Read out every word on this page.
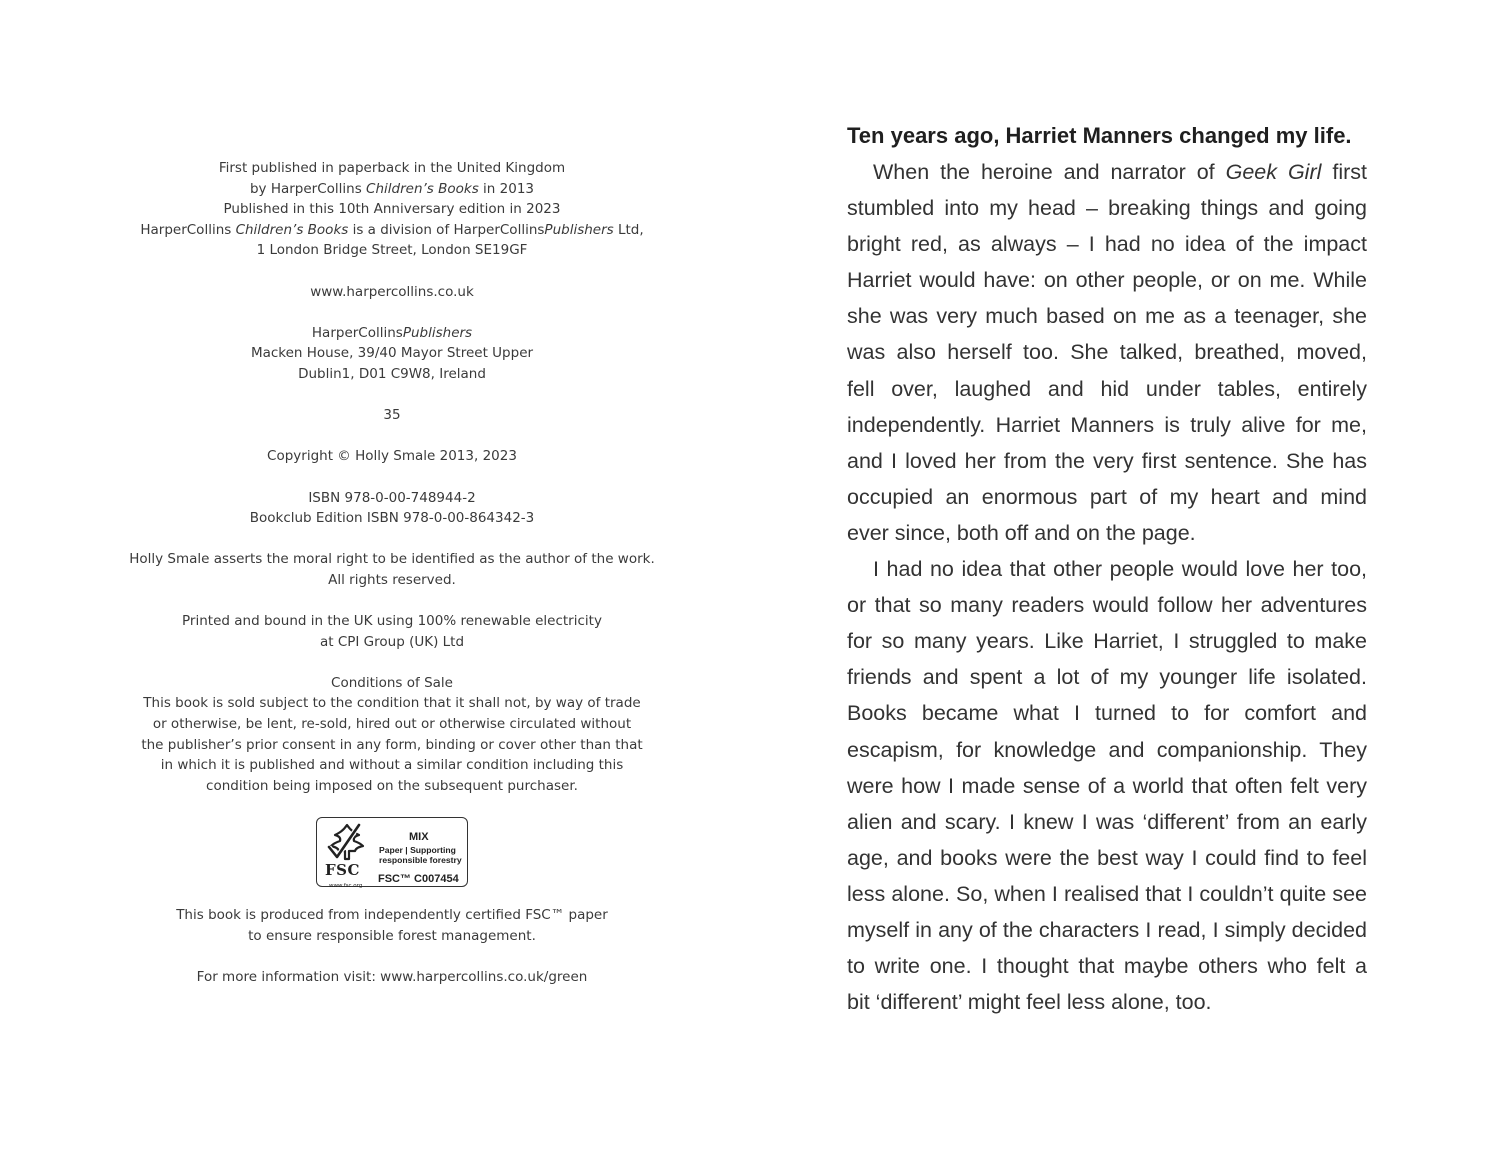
First published in paperback in the United Kingdom
by HarperCollins Children’s Books in 2013
Published in this 10th Anniversary edition in 2023
HarperCollins Children’s Books is a division of HarperCollinsPublishers Ltd,
1 London Bridge Street, London SE19GF
www.harpercollins.co.uk
HarperCollinsPublishers
Macken House, 39/40 Mayor Street Upper
Dublin1, D01 C9W8, Ireland
35
Copyright © Holly Smale 2013, 2023
ISBN 978-0-00-748944-2
Bookclub Edition ISBN 978-0-00-864342-3
Holly Smale asserts the moral right to be identified as the author of the work.
All rights reserved.
Printed and bound in the UK using 100% renewable electricity
at CPI Group (UK) Ltd
Conditions of Sale
This book is sold subject to the condition that it shall not, by way of trade
or otherwise, be lent, re-sold, hired out or otherwise circulated without
the publisher’s prior consent in any form, binding or cover other than that
in which it is published and without a similar condition including this
condition being imposed on the subsequent purchaser.
FSC
www.fsc.org
MIX
Paper | Supporting
responsible forestry
FSC™ C007454
This book is produced from independently certified FSC™ paper
to ensure responsible forest management.
For more information visit: www.harpercollins.co.uk/green
Ten years ago, Harriet Manners changed my life.
When the heroine and narrator of Geek Girl first
stumbled into my head – breaking things and going
bright red, as always – I had no idea of the impact
Harriet would have: on other people, or on me. While
she was very much based on me as a teenager, she
was also herself too. She talked, breathed, moved,
fell over, laughed and hid under tables, entirely
independently. Harriet Manners is truly alive for me,
and I loved her from the very first sentence. She has
occupied an enormous part of my heart and mind
ever since, both off and on the page.
I had no idea that other people would love her too,
or that so many readers would follow her adventures
for so many years. Like Harriet, I struggled to make
friends and spent a lot of my younger life isolated.
Books became what I turned to for comfort and
escapism, for knowledge and companionship. They
were how I made sense of a world that often felt very
alien and scary. I knew I was ‘different’ from an early
age, and books were the best way I could find to feel
less alone. So, when I realised that I couldn’t quite see
myself in any of the characters I read, I simply decided
to write one. I thought that maybe others who felt a
bit ‘different’ might feel less alone, too.
